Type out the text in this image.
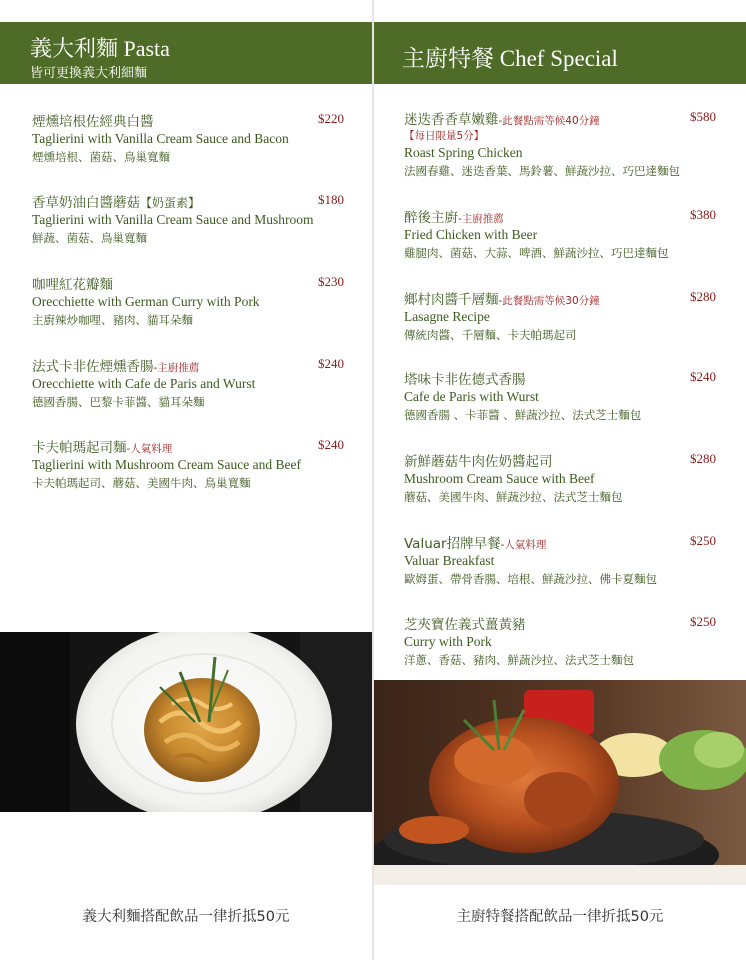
義大利麵 Pasta
皆可更換義大利細麵
主廚特餐 Chef Special
煙燻培根佐經典白醬	$220
Taglierini with Vanilla Cream Sauce and Bacon
煙燻培根、菌菇、鳥巢寬麵
香草奶油白醬蘑菇【奶蛋素】	$180
Taglierini with Vanilla Cream Sauce and Mushroom
鮮蔬、菌菇、鳥巢寬麵
咖哩紅花瓣麵	$230
Orecchiette with German Curry with Pork
主廚辣炒咖哩、豬肉、貓耳朵麵
法式卡非佐煙燻香腸-主廚推薦	$240
Orecchiette with Cafe de Paris and Wurst
德國香腸、巴黎卡菲醬、貓耳朵麵
卡夫帕瑪起司麵-人氣料理	$240
Taglierini with Mushroom Cream Sauce and Beef
卡夫帕瑪起司、蘑菇、美國牛肉、鳥巢寬麵
迷迭香香草嫩雞-此餐點需等候40分鐘	$580
【每日限量5分】
Roast Spring Chicken
法國春雞、迷迭香葉、馬鈴薯、鮮蔬沙拉、巧巴達麵包
醉後主廚-主廚推薦	$380
Fried Chicken with Beer
雞腿肉、菌菇、大蒜、啤酒、鮮蔬沙拉、巧巴達麵包
鄉村肉醬千層麵-此餐點需等候30分鐘	$280
Lasagne Recipe
傳統肉醬、千層麵、卡夫帕瑪起司
塔味卡非佐德式香腸	$240
Cafe de Paris with Wurst
德國香腸 、卡菲醬 、鮮蔬沙拉、法式芝士麵包
新鮮蘑菇牛肉佐奶醬起司	$280
Mushroom Cream Sauce with Beef
蘑菇、美國牛肉、鮮蔬沙拉、法式芝士麵包
Valuar招牌早餐-人氣料理	$250
Valuar Breakfast
歐姆蛋、帶骨香腸、培根、鮮蔬沙拉、佛卡夏麵包
芝夾寶佐義式薑黃豬	$250
Curry with Pork
洋蔥、香菇、豬肉、鮮蔬沙拉、法式芝士麵包
義大利麵搭配飲品一律折抵50元	主廚特餐搭配飲品一律折抵50元
